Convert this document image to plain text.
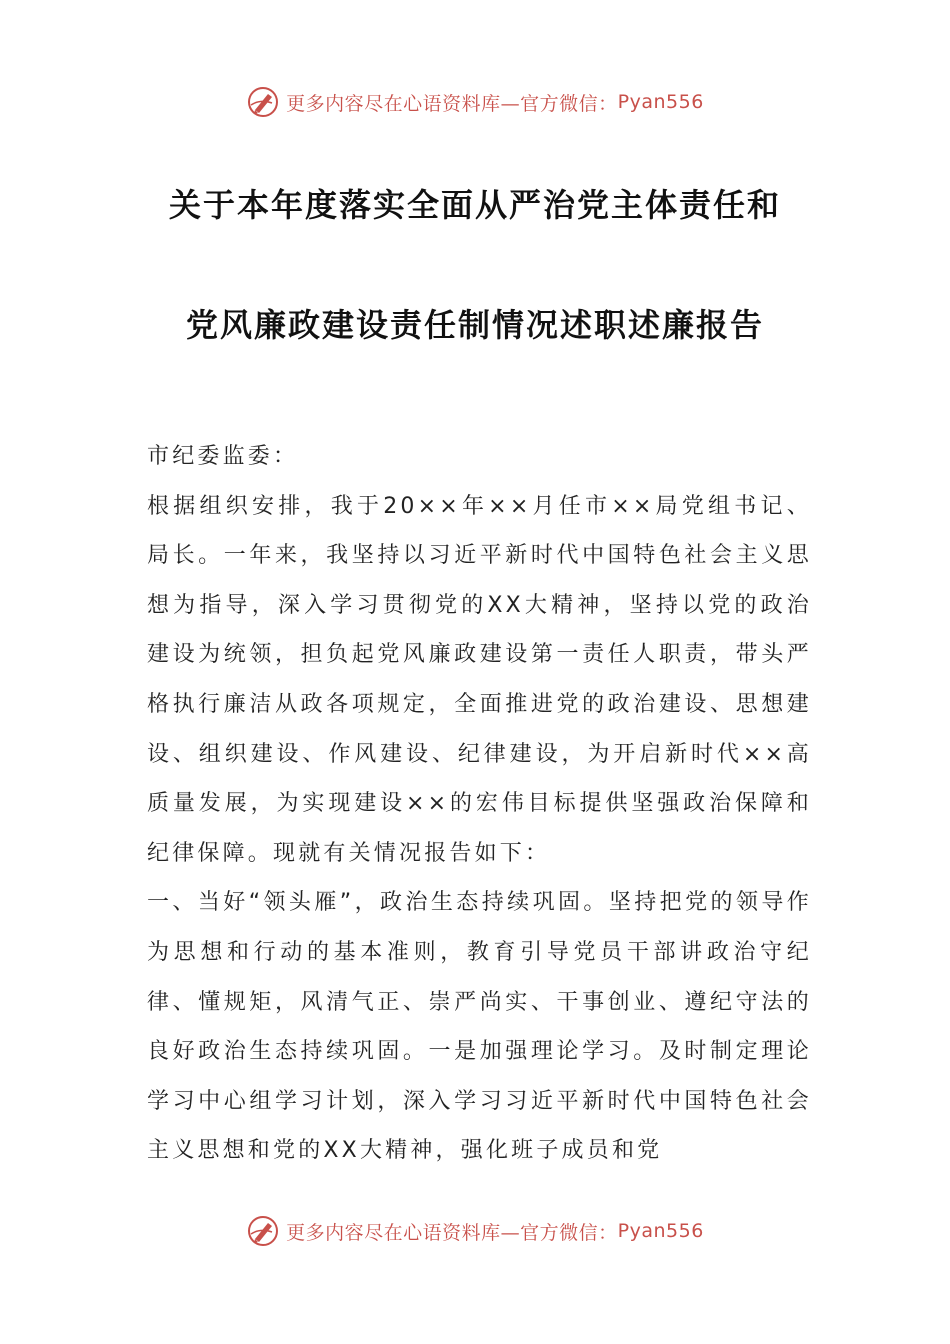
更多内容尽在心语资料库—官方微信： Pyan556
关于本年度落实全面从严治党主体责任和
党风廉政建设责任制情况述职述廉报告

市纪委监委：

根据组织安排，我于20××年××月任市××局党组书记、局长。一年来，我坚持以习近平新时代中国特色社会主义思想为指导，深入学习贯彻党的XX大精神，坚持以党的政治建设为统领，担负起党风廉政建设第一责任人职责，带头严格执行廉洁从政各项规定，全面推进党的政治建设、思想建设、组织建设、作风建设、纪律建设，为开启新时代××高质量发展，为实现建设××的宏伟目标提供坚强政治保障和纪律保障。现就有关情况报告如下：

一、当好“领头雁”，政治生态持续巩固。坚持把党的领导作为思想和行动的基本准则，教育引导党员干部讲政治守纪律、懂规矩，风清气正、崇严尚实、干事创业、遵纪守法的良好政治生态持续巩固。一是加强理论学习。及时制定理论学习中心组学习计划，深入学习习近平新时代中国特色社会主义思想和党的XX大精神，强化班子成员和党

更多内容尽在心语资料库—官方微信： Pyan556
